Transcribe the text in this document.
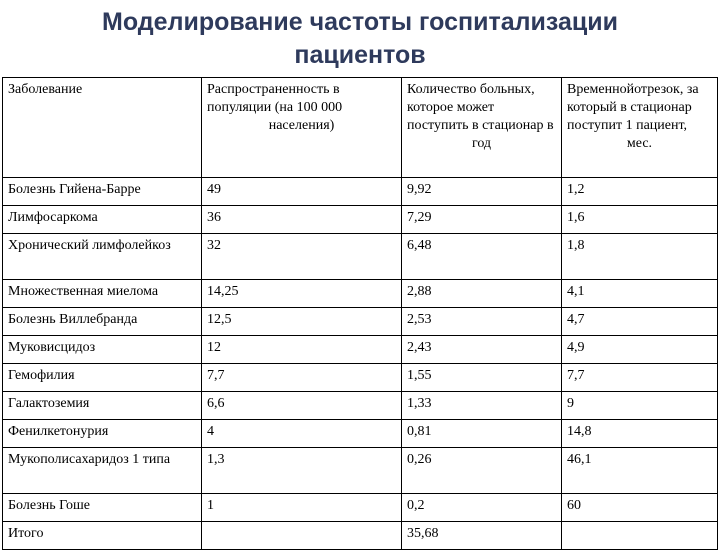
Моделирование частоты госпитализации
пациентов
Заболевание	Распространенность в популяции (на 100 000 населения)	Количество больных, которое может поступить в стационар в год	Временнойотрезок, за который в стационар поступит 1 пациент, мес.
Болезнь Гийена-Барре	49	9,92	1,2
Лимфосаркома	36	7,29	1,6
Хронический лимфолейкоз	32	6,48	1,8
Множественная миелома	14,25	2,88	4,1
Болезнь Виллебранда	12,5	2,53	4,7
Муковисцидоз	12	2,43	4,9
Гемофилия	7,7	1,55	7,7
Галактоземия	6,6	1,33	9
Фенилкетонурия	4	0,81	14,8
Мукополисахаридоз 1 типа	1,3	0,26	46,1
Болезнь Гоше	1	0,2	60
Итого		35,68	
